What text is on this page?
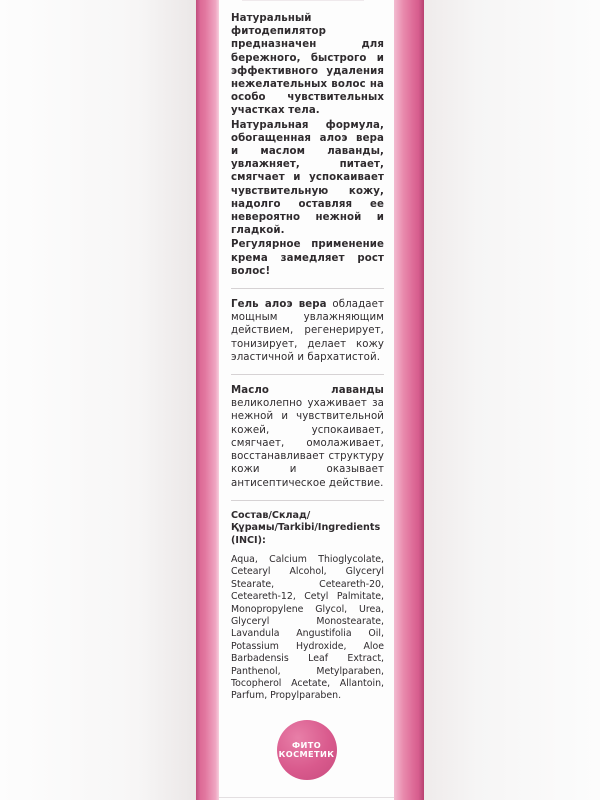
Натуральный фитодепилятор предназначен для бережного, быстрого и эффективного удаления нежелательных волос на особо чувствительных участках тела.

Натуральная формула, обогащенная алоэ вера и маслом лаванды, увлажняет, питает, смягчает и успокаивает чувствительную кожу, надолго оставляя ее невероятно нежной и гладкой.

Регулярное применение крема замедляет рост волос!

Гель алоэ вера обладает мощным увлажняющим действием, регенерирует, тонизирует, делает кожу эластичной и бархатистой.

Масло лаванды великолепно ухаживает за нежной и чувствительной кожей, успокаивает, смягчает, омолаживает, восстанавливает структуру кожи и оказывает антисептическое действие.

Состав/Склад/Құрамы/Tarkibi/Ingredients (INCI):
Aqua, Calcium Thioglycolate, Cetearyl Alcohol, Glyceryl Stearate, Ceteareth-20, Ceteareth-12, Cetyl Palmitate, Monopropylene Glycol, Urea, Glyceryl Monostearate, Lavandula Angustifolia Oil, Potassium Hydroxide, Aloe Barbadensis Leaf Extract, Panthenol, Metylparaben, Tocopherol Acetate, Allantoin, Parfum, Propylparaben.
ФИТО
КОСМЕТИК
